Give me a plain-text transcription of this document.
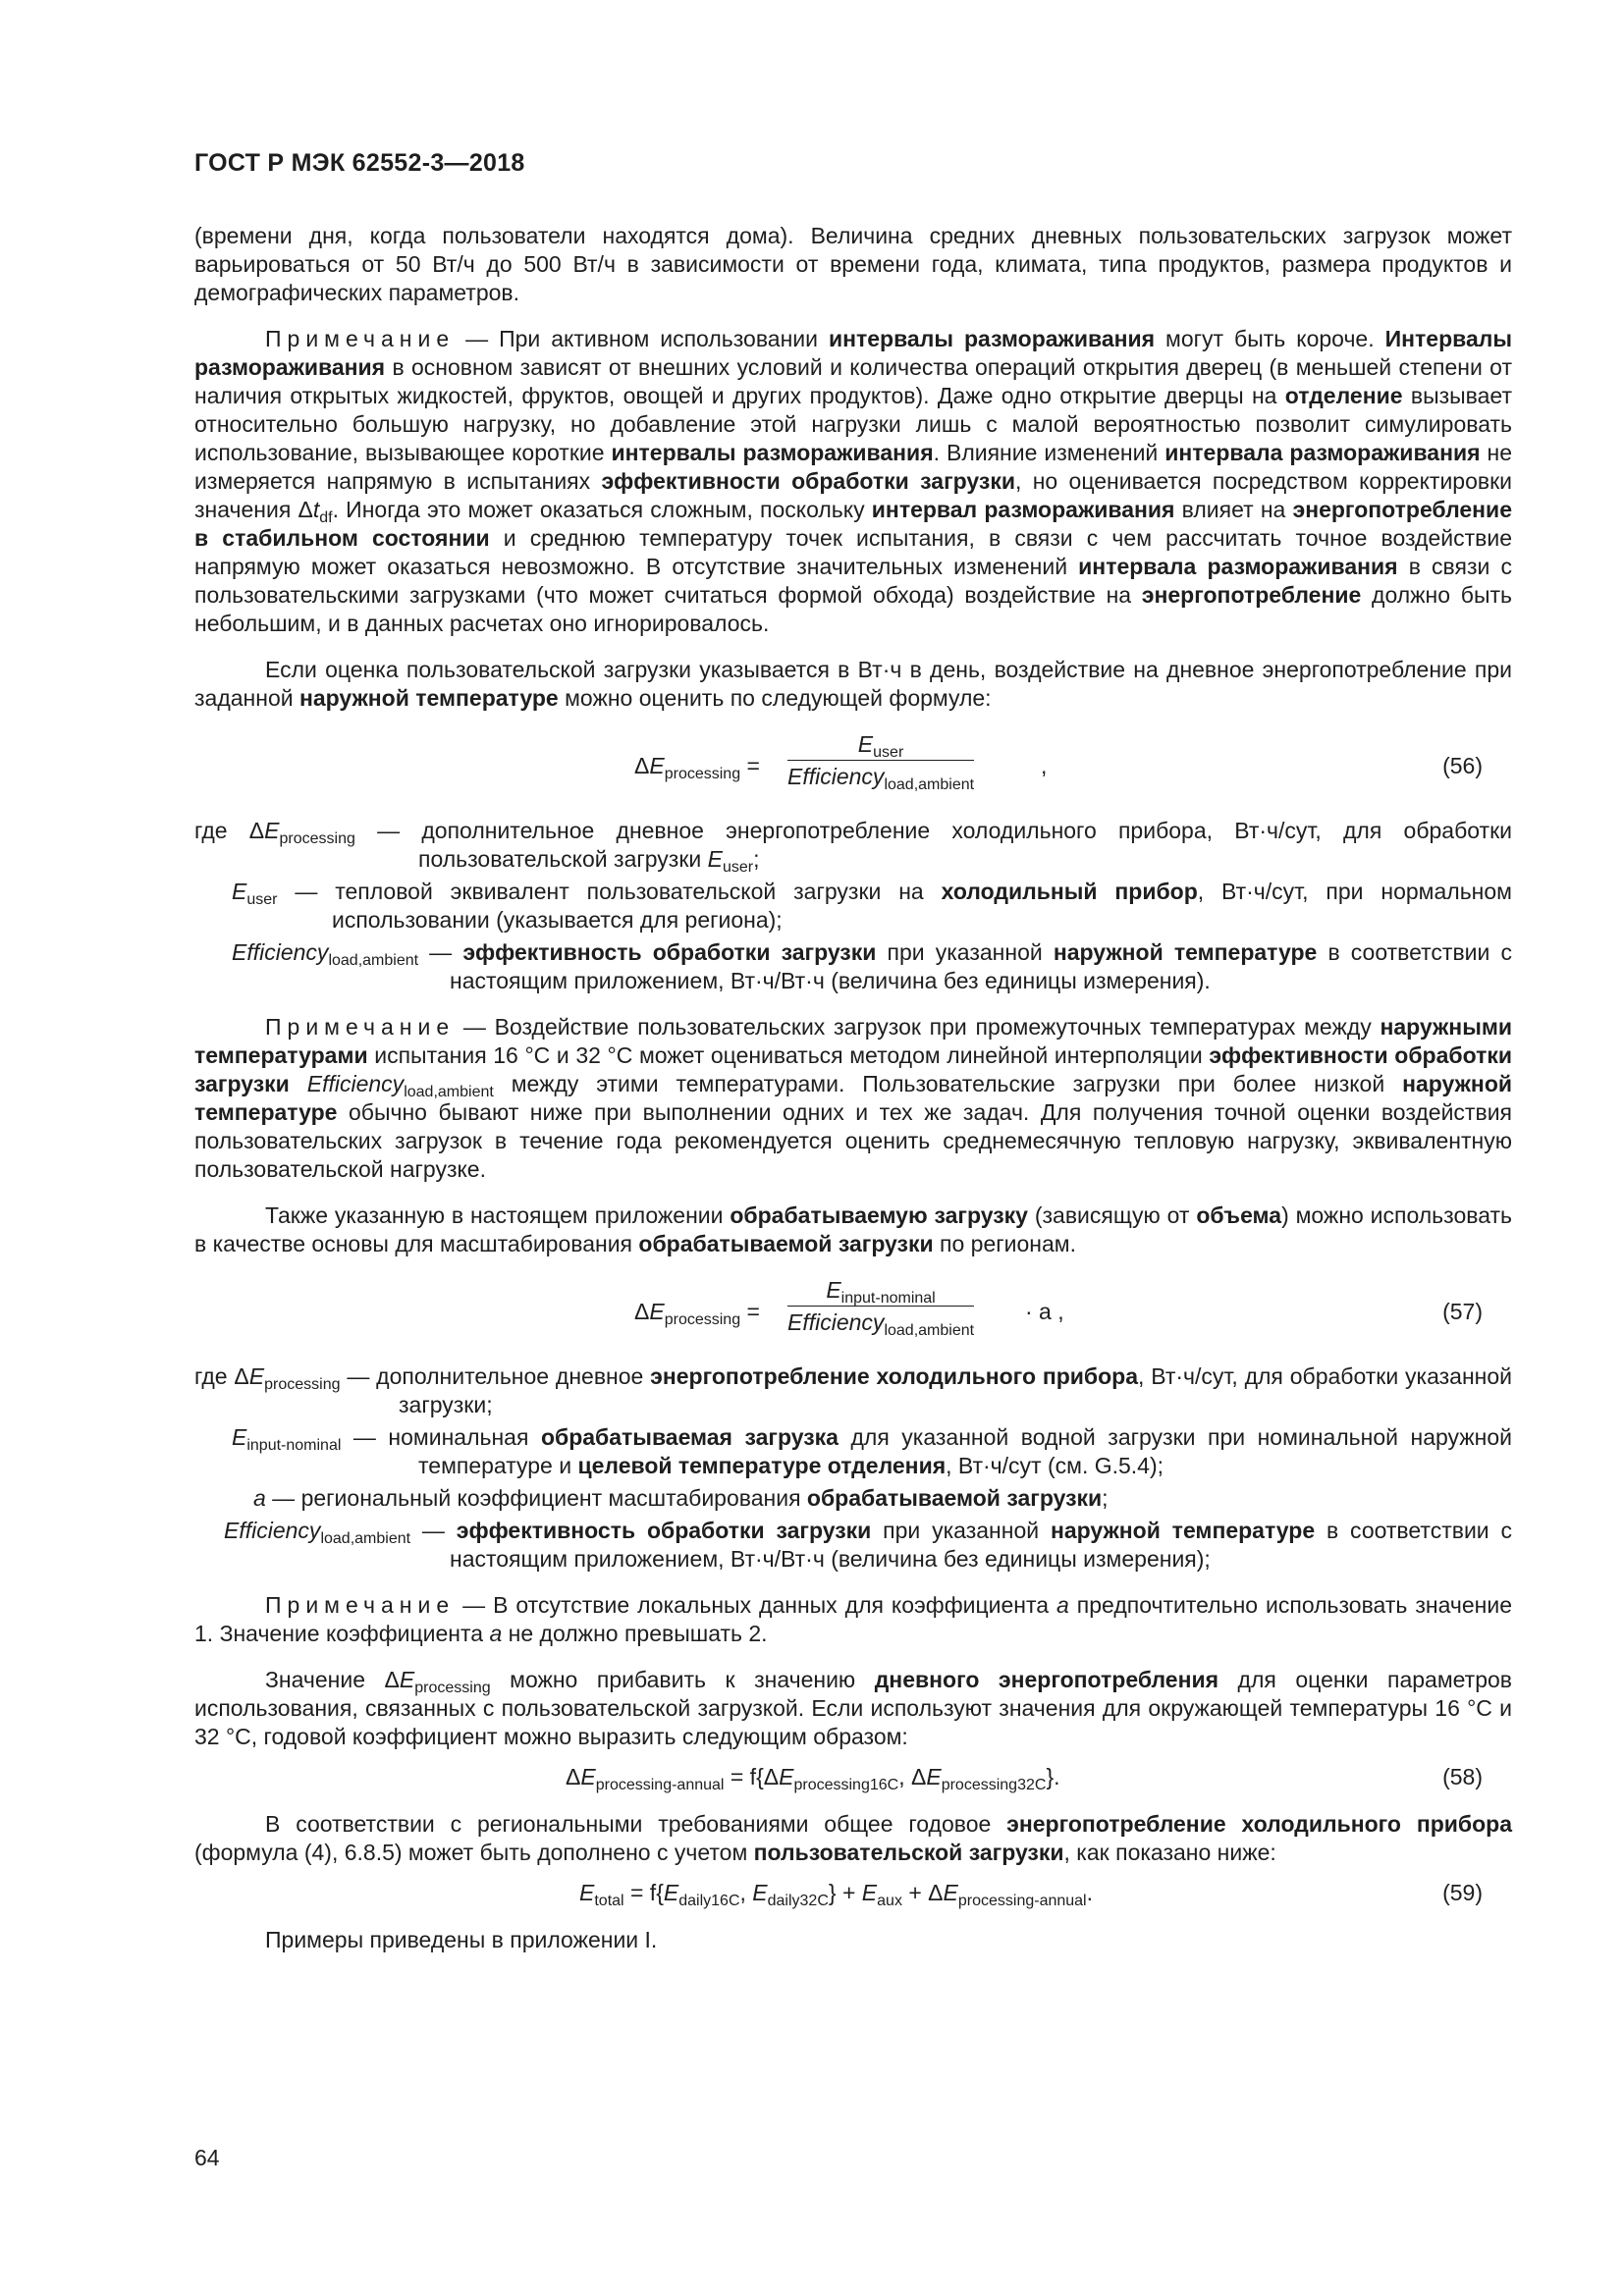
ГОСТ Р МЭК 62552-3—2018

(времени дня, когда пользователи находятся дома). Величина средних дневных пользовательских загрузок может варьироваться от 50 Вт/ч до 500 Вт/ч в зависимости от времени года, климата, типа продуктов, размера продуктов и демографических параметров.

Примечание — При активном использовании интервалы размораживания могут быть короче. Интервалы размораживания в основном зависят от внешних условий и количества операций открытия дверец (в меньшей степени от наличия открытых жидкостей, фруктов, овощей и других продуктов). Даже одно открытие дверцы на отделение вызывает относительно большую нагрузку, но добавление этой нагрузки лишь с малой вероятностью позволит симулировать использование, вызывающее короткие интервалы размораживания. Влияние изменений интервала размораживания не измеряется напрямую в испытаниях эффективности обработки загрузки, но оценивается посредством корректировки значения $\Delta t_{df}$. Иногда это может оказаться сложным, поскольку интервал размораживания влияет на энергопотребление в стабильном состоянии и среднюю температуру точек испытания, в связи с чем рассчитать точное воздействие напрямую может оказаться невозможно. В отсутствие значительных изменений интервала размораживания в связи с пользовательскими загрузками (что может считаться формой обхода) воздействие на энергопотребление должно быть небольшим, и в данных расчетах оно игнорировалось.

Если оценка пользовательской загрузки указывается в Вт·ч в день, воздействие на дневное энергопотребление при заданной наружной температуре можно оценить по следующей формуле:

$\Delta E_{processing}$ =
$E_{user}$
Efficiency$_{load,ambient}$
,	(56)
где $\Delta E_{processing}$ — дополнительное дневное энергопотребление холодильного прибора, Вт·ч/сут, для обработки пользовательской загрузки $E_{user}$;
$E_{user}$ — тепловой эквивалент пользовательской загрузки на холодильный прибор, Вт·ч/сут, при нормальном использовании (указывается для региона);
Efficiency$_{load,ambient}$ — эффективность обработки загрузки при указанной наружной температуре в соответствии с настоящим приложением, Вт·ч/Вт·ч (величина без единицы измерения).

Примечание — Воздействие пользовательских загрузок при промежуточных температурах между наружными температурами испытания 16 °С и 32 °С может оцениваться методом линейной интерполяции эффективности обработки загрузки Efficiency$_{load,ambient}$ между этими температурами. Пользовательские загрузки при более низкой наружной температуре обычно бывают ниже при выполнении одних и тех же задач. Для получения точной оценки воздействия пользовательских загрузок в течение года рекомендуется оценить среднемесячную тепловую нагрузку, эквивалентную пользовательской нагрузке.

Также указанную в настоящем приложении обрабатываемую загрузку (зависящую от объема) можно использовать в качестве основы для масштабирования обрабатываемой загрузки по регионам.

$\Delta E_{processing}$ =
$E_{input-nominal}$
Efficiency$_{load,ambient}$
· a ,	(57)
где $\Delta E_{processing}$ — дополнительное дневное энергопотребление холодильного прибора, Вт·ч/сут, для обработки указанной загрузки;
$E_{input-nominal}$ — номинальная обрабатываемая загрузка для указанной водной загрузки при номинальной наружной температуре и целевой температуре отделения, Вт·ч/сут (см. G.5.4);
a — региональный коэффициент масштабирования обрабатываемой загрузки;
Efficiency$_{load,ambient}$ — эффективность обработки загрузки при указанной наружной температуре в соответствии с настоящим приложением, Вт·ч/Вт·ч (величина без единицы измерения);

Примечание — В отсутствие локальных данных для коэффициента a предпочтительно использовать значение 1. Значение коэффициента a не должно превышать 2.

Значение $\Delta E_{processing}$ можно прибавить к значению дневного энергопотребления для оценки параметров использования, связанных с пользовательской загрузкой. Если используют значения для окружающей температуры 16 °С и 32 °С, годовой коэффициент можно выразить следующим образом:

$\Delta E_{processing-annual} = f\{\Delta E_{processing16C}$, $\Delta E_{processing32C}$}.	(58)

В соответствии с региональными требованиями общее годовое энергопотребление холодильного прибора (формула (4), 6.8.5) может быть дополнено с учетом пользовательской загрузки, как показано ниже:

$E_{total} = f\{E_{daily16C}$, $E_{daily32C}\} + E_{aux} + \Delta E_{processing-annual}$.	(59)

Примеры приведены в приложении I.

64
